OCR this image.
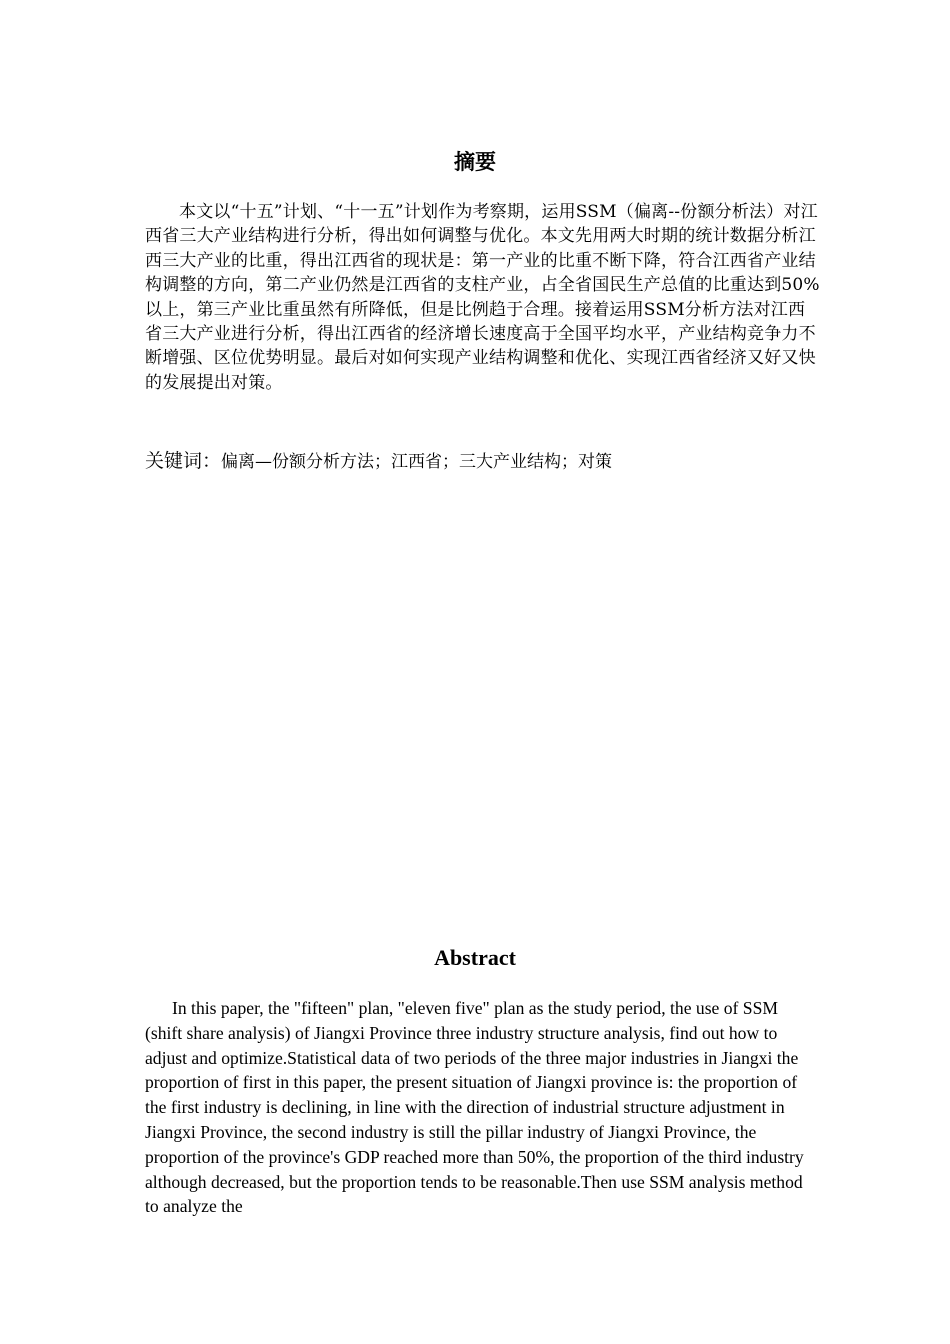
摘要

本文以“十五”计划、“十一五”计划作为考察期，运用SSM（偏离--份额分析法）对江西省三大产业结构进行分析，得出如何调整与优化。本文先用两大时期的统计数据分析江西三大产业的比重，得出江西省的现状是：第一产业的比重不断下降，符合江西省产业结构调整的方向，第二产业仍然是江西省的支柱产业，占全省国民生产总值的比重达到50%以上，第三产业比重虽然有所降低，但是比例趋于合理。接着运用SSM分析方法对江西省三大产业进行分析，得出江西省的经济增长速度高于全国平均水平，产业结构竞争力不断增强、区位优势明显。最后对如何实现产业结构调整和优化、实现江西省经济又好又快的发展提出对策。

关键词：偏离—份额分析方法；江西省；三大产业结构；对策

Abstract

In this paper, the "fifteen" plan, "eleven five" plan as the study period, the use of SSM (shift share analysis) of Jiangxi Province three industry structure analysis, find out how to adjust and optimize.Statistical data of two periods of the three major industries in Jiangxi the proportion of first in this paper, the present situation of Jiangxi province is: the proportion of the first industry is declining, in line with the direction of industrial structure adjustment in Jiangxi Province, the second industry is still the pillar industry of Jiangxi Province, the proportion of the province's GDP reached more than 50%, the proportion of the third industry although decreased, but the proportion tends to be reasonable.Then use SSM analysis method to analyze the
